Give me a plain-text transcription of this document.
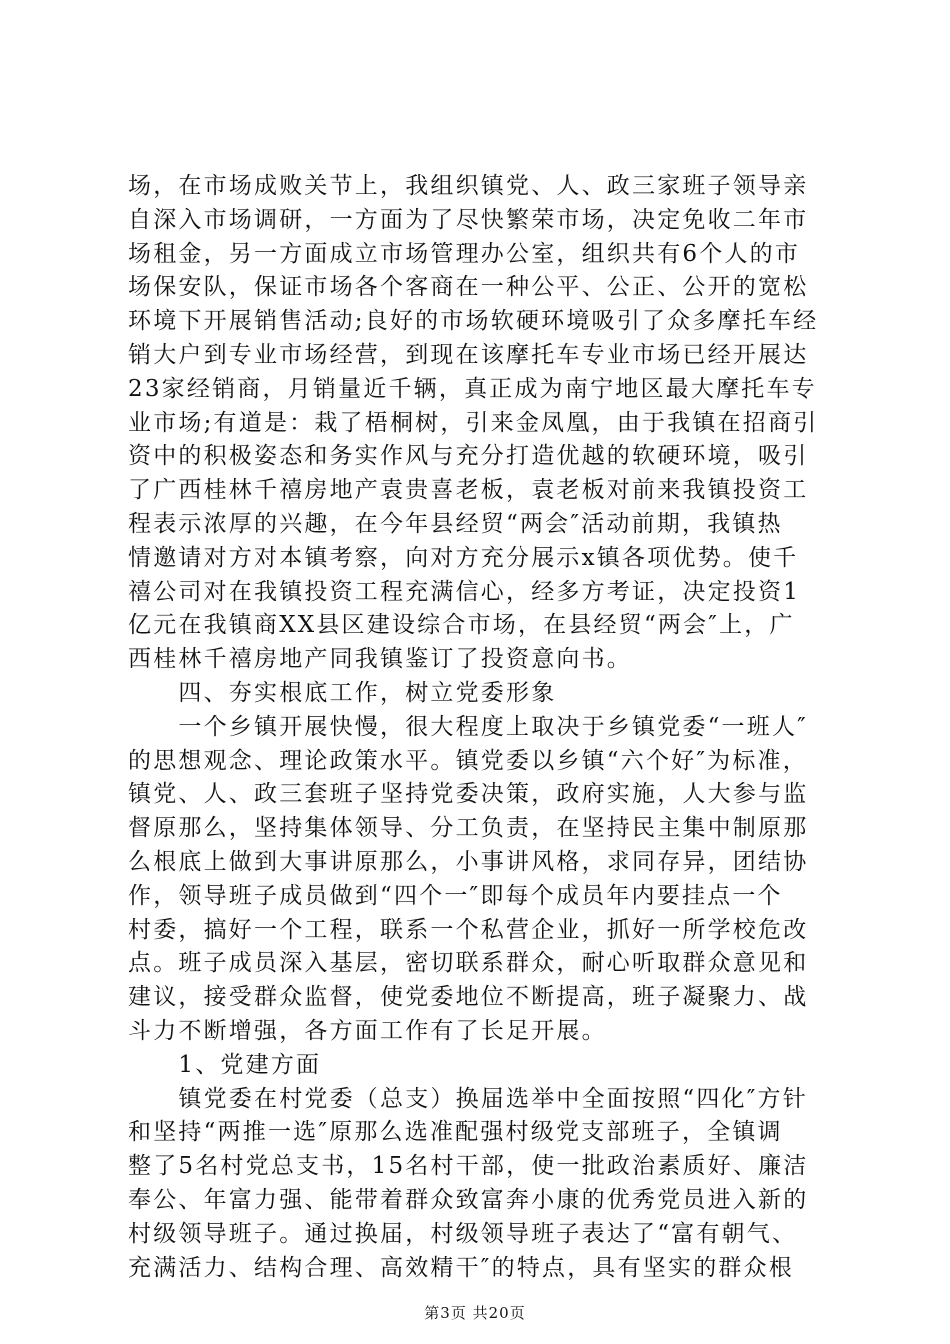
场，在市场成败关节上，我组织镇党、人、政三家班子领导亲
自深入市场调研，一方面为了尽快繁荣市场，决定免收二年市
场租金，另一方面成立市场管理办公室，组织共有6个人的市
场保安队，保证市场各个客商在一种公平、公正、公开的宽松
环境下开展销售活动;良好的市场软硬环境吸引了众多摩托车经
销大户到专业市场经营，到现在该摩托车专业市场已经开展达
23家经销商，月销量近千辆，真正成为南宁地区最大摩托车专
业市场;有道是：栽了梧桐树，引来金凤凰，由于我镇在招商引
资中的积极姿态和务实作风与充分打造优越的软硬环境，吸引
了广西桂林千禧房地产袁贵喜老板，袁老板对前来我镇投资工
程表示浓厚的兴趣，在今年县经贸“两会″活动前期，我镇热
情邀请对方对本镇考察，向对方充分展示x镇各项优势。使千
禧公司对在我镇投资工程充满信心，经多方考证，决定投资1
亿元在我镇商XX县区建设综合市场，在县经贸“两会″上，广
西桂林千禧房地产同我镇鉴订了投资意向书。
　　四、夯实根底工作，树立党委形象
　　一个乡镇开展快慢，很大程度上取决于乡镇党委“一班人″
的思想观念、理论政策水平。镇党委以乡镇“六个好″为标准，
镇党、人、政三套班子坚持党委决策，政府实施，人大参与监
督原那么，坚持集体领导、分工负责，在坚持民主集中制原那
么根底上做到大事讲原那么，小事讲风格，求同存异，团结协
作，领导班子成员做到“四个一″即每个成员年内要挂点一个
村委，搞好一个工程，联系一个私营企业，抓好一所学校危改
点。班子成员深入基层，密切联系群众，耐心听取群众意见和
建议，接受群众监督，使党委地位不断提高，班子凝聚力、战
斗力不断增强，各方面工作有了长足开展。
　　1、党建方面
　　镇党委在村党委（总支）换届选举中全面按照“四化″方针
和坚持“两推一选″原那么选准配强村级党支部班子，全镇调
整了5名村党总支书，15名村干部，使一批政治素质好、廉洁
奉公、年富力强、能带着群众致富奔小康的优秀党员进入新的
村级领导班子。通过换届，村级领导班子表达了“富有朝气、
充满活力、结构合理、高效精干″的特点，具有坚实的群众根
第3页 共20页
